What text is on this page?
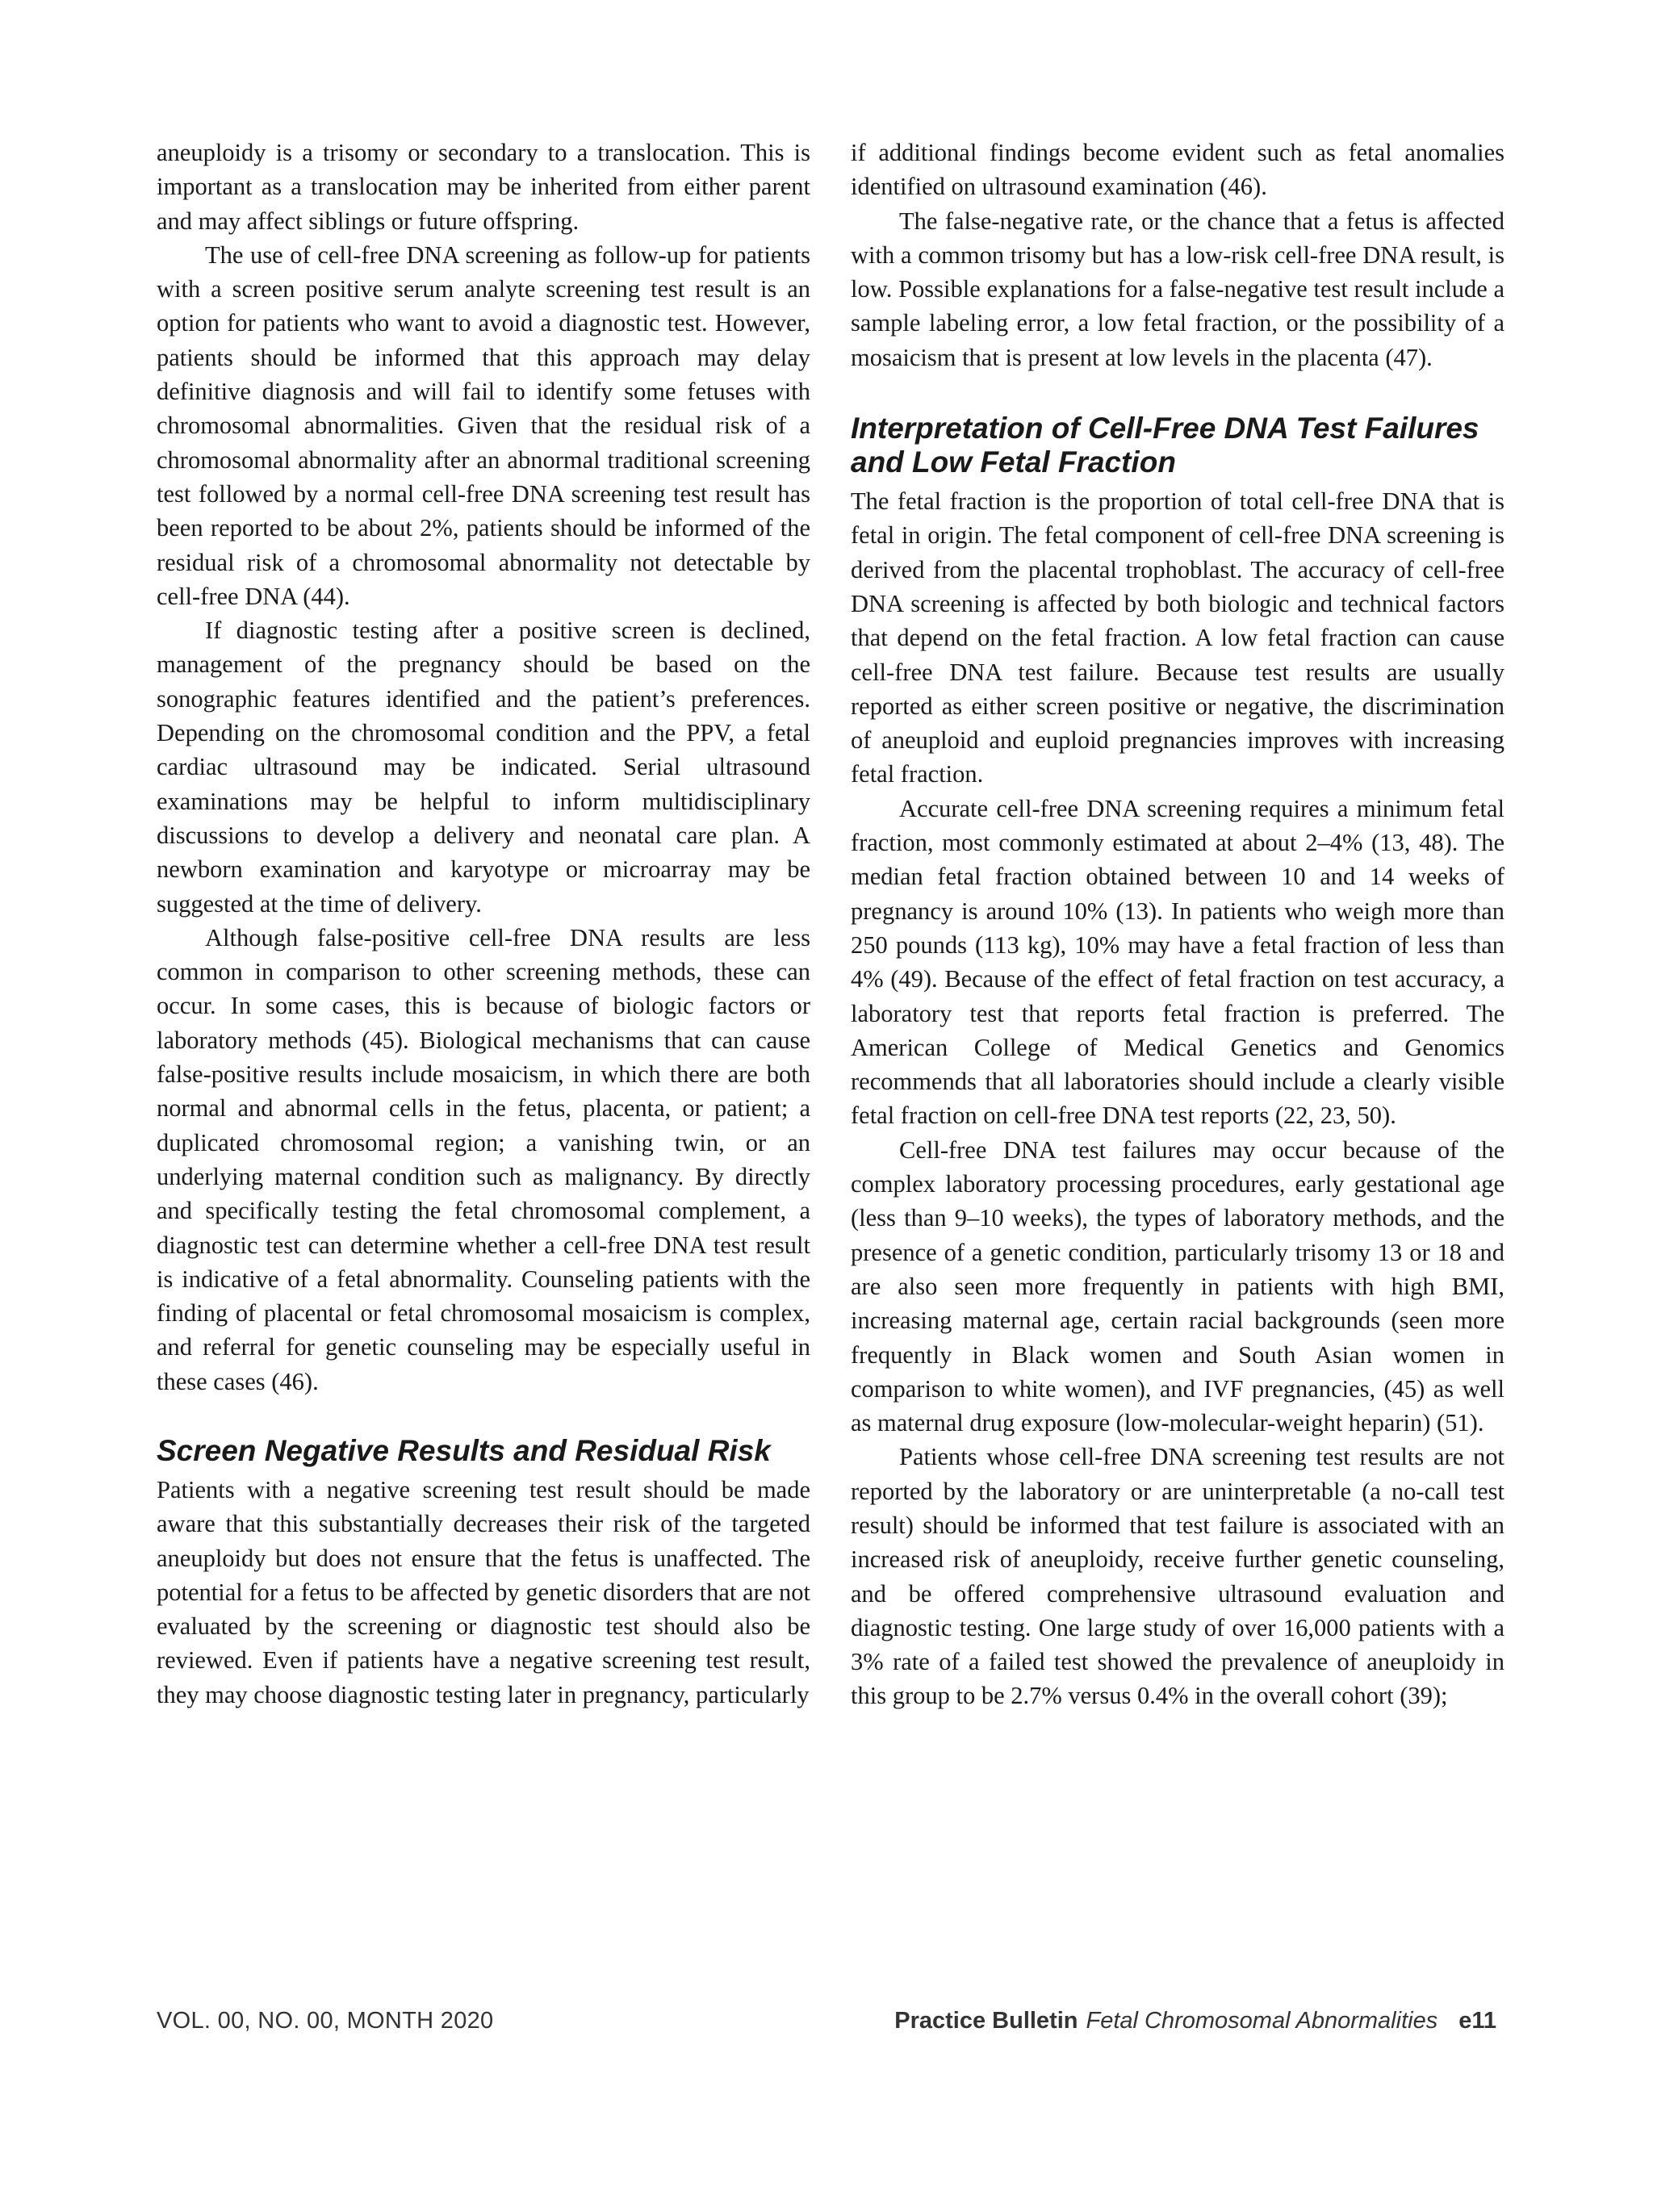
aneuploidy is a trisomy or secondary to a translocation. This is important as a translocation may be inherited from either parent and may affect siblings or future offspring.

The use of cell-free DNA screening as follow-up for patients with a screen positive serum analyte screening test result is an option for patients who want to avoid a diagnostic test. However, patients should be informed that this approach may delay definitive diagnosis and will fail to identify some fetuses with chromosomal abnormalities. Given that the residual risk of a chromosomal abnormality after an abnormal traditional screening test followed by a normal cell-free DNA screening test result has been reported to be about 2%, patients should be informed of the residual risk of a chromosomal abnormality not detectable by cell-free DNA (44).

If diagnostic testing after a positive screen is declined, management of the pregnancy should be based on the sonographic features identified and the patient’s preferences. Depending on the chromosomal condition and the PPV, a fetal cardiac ultrasound may be indicated. Serial ultrasound examinations may be helpful to inform multidisciplinary discussions to develop a delivery and neonatal care plan. A newborn examination and karyotype or microarray may be suggested at the time of delivery.

Although false-positive cell-free DNA results are less common in comparison to other screening methods, these can occur. In some cases, this is because of biologic factors or laboratory methods (45). Biological mechanisms that can cause false-positive results include mosaicism, in which there are both normal and abnormal cells in the fetus, placenta, or patient; a duplicated chromosomal region; a vanishing twin, or an underlying maternal condition such as malignancy. By directly and specifically testing the fetal chromosomal complement, a diagnostic test can determine whether a cell-free DNA test result is indicative of a fetal abnormality. Counseling patients with the finding of placental or fetal chromosomal mosaicism is complex, and referral for genetic counseling may be especially useful in these cases (46).

Screen Negative Results and Residual Risk

Patients with a negative screening test result should be made aware that this substantially decreases their risk of the targeted aneuploidy but does not ensure that the fetus is unaffected. The potential for a fetus to be affected by genetic disorders that are not evaluated by the screening or diagnostic test should also be reviewed. Even if patients have a negative screening test result, they may choose diagnostic testing later in pregnancy, particularly

if additional findings become evident such as fetal anomalies identified on ultrasound examination (46).

The false-negative rate, or the chance that a fetus is affected with a common trisomy but has a low-risk cell-free DNA result, is low. Possible explanations for a false-negative test result include a sample labeling error, a low fetal fraction, or the possibility of a mosaicism that is present at low levels in the placenta (47).

Interpretation of Cell-Free DNA Test Failures and Low Fetal Fraction

The fetal fraction is the proportion of total cell-free DNA that is fetal in origin. The fetal component of cell-free DNA screening is derived from the placental trophoblast. The accuracy of cell-free DNA screening is affected by both biologic and technical factors that depend on the fetal fraction. A low fetal fraction can cause cell-free DNA test failure. Because test results are usually reported as either screen positive or negative, the discrimination of aneuploid and euploid pregnancies improves with increasing fetal fraction.

Accurate cell-free DNA screening requires a minimum fetal fraction, most commonly estimated at about 2–4% (13, 48). The median fetal fraction obtained between 10 and 14 weeks of pregnancy is around 10% (13). In patients who weigh more than 250 pounds (113 kg), 10% may have a fetal fraction of less than 4% (49). Because of the effect of fetal fraction on test accuracy, a laboratory test that reports fetal fraction is preferred. The American College of Medical Genetics and Genomics recommends that all laboratories should include a clearly visible fetal fraction on cell-free DNA test reports (22, 23, 50).

Cell-free DNA test failures may occur because of the complex laboratory processing procedures, early gestational age (less than 9–10 weeks), the types of laboratory methods, and the presence of a genetic condition, particularly trisomy 13 or 18 and are also seen more frequently in patients with high BMI, increasing maternal age, certain racial backgrounds (seen more frequently in Black women and South Asian women in comparison to white women), and IVF pregnancies, (45) as well as maternal drug exposure (low-molecular-weight heparin) (51).

Patients whose cell-free DNA screening test results are not reported by the laboratory or are uninterpretable (a no-call test result) should be informed that test failure is associated with an increased risk of aneuploidy, receive further genetic counseling, and be offered comprehensive ultrasound evaluation and diagnostic testing. One large study of over 16,000 patients with a 3% rate of a failed test showed the prevalence of aneuploidy in this group to be 2.7% versus 0.4% in the overall cohort (39);

VOL. 00, NO. 00, MONTH 2020	Practice Bulletin Fetal Chromosomal Abnormalities e11
